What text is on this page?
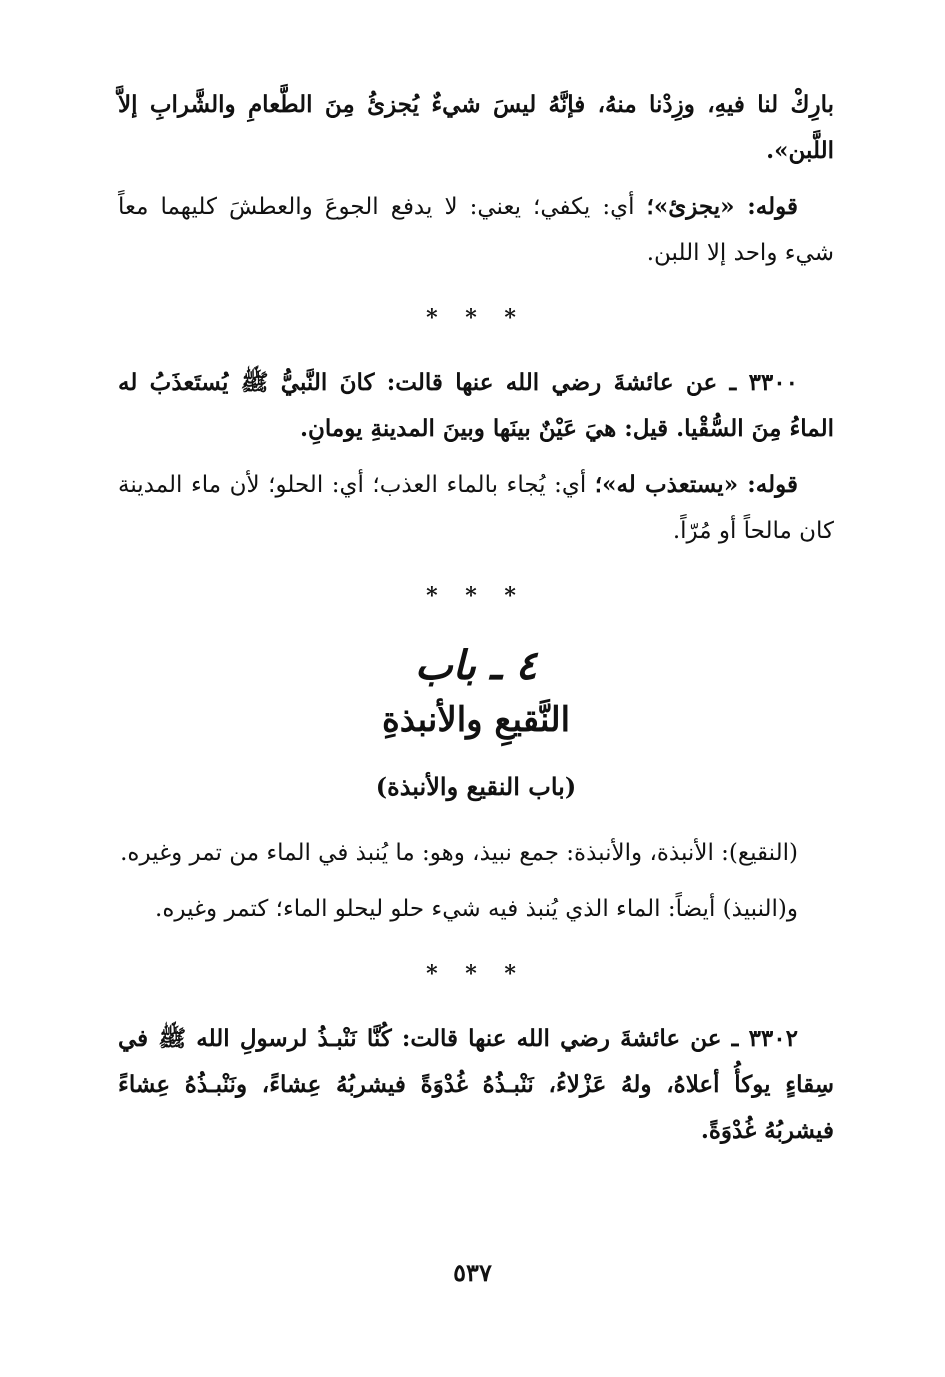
بارِكْ لنا فيهِ، وزِدْنا منهُ، فإنَّهُ ليسَ شيءٌ يُجزئُ مِنَ الطَّعامِ والشَّرابِ إلاَّ اللَّبن».

قوله: «يجزئ»؛ أي: يكفي؛ يعني: لا يدفع الجوعَ والعطشَ كليهما معاً شيء واحد إلا اللبن.

* * *

٣٣٠٠ ـ عن عائشةَ رضي الله عنها قالت: كانَ النَّبيُّ ﷺ يُستَعذَبُ له الماءُ مِنَ السُّقْيا. قيل: هيَ عَيْنٌ بينَها وبينَ المدينةِ يومانِ.

قوله: «يستعذب له»؛ أي: يُجاء بالماء العذب؛ أي: الحلو؛ لأن ماء المدينة كان مالحاً أو مُرّاً.

* * *
٤ ـ باب
النَّقيعِ والأنبذةِ
(باب النقيع والأنبذة)

(النقيع): الأنبذة، والأنبذة: جمع نبيذ، وهو: ما يُنبذ في الماء من تمر وغيره.

و(النبيذ) أيضاً: الماء الذي يُنبذ فيه شيء حلو ليحلو الماء؛ كتمر وغيره.

* * *

٣٣٠٢ ـ عن عائشةَ رضي الله عنها قالت: كُنَّا نَنْبـذُ لرسولِ الله ﷺ في سِقاءٍ يوكأُ أعلاهُ، ولهُ عَزْلاءُ، نَنْبـذُهُ غُدْوَةً فيشربُهُ عِشاءً، ونَنْبـذُهُ عِشاءً فيشربُهُ غُدْوَةً.

٥٣٧
